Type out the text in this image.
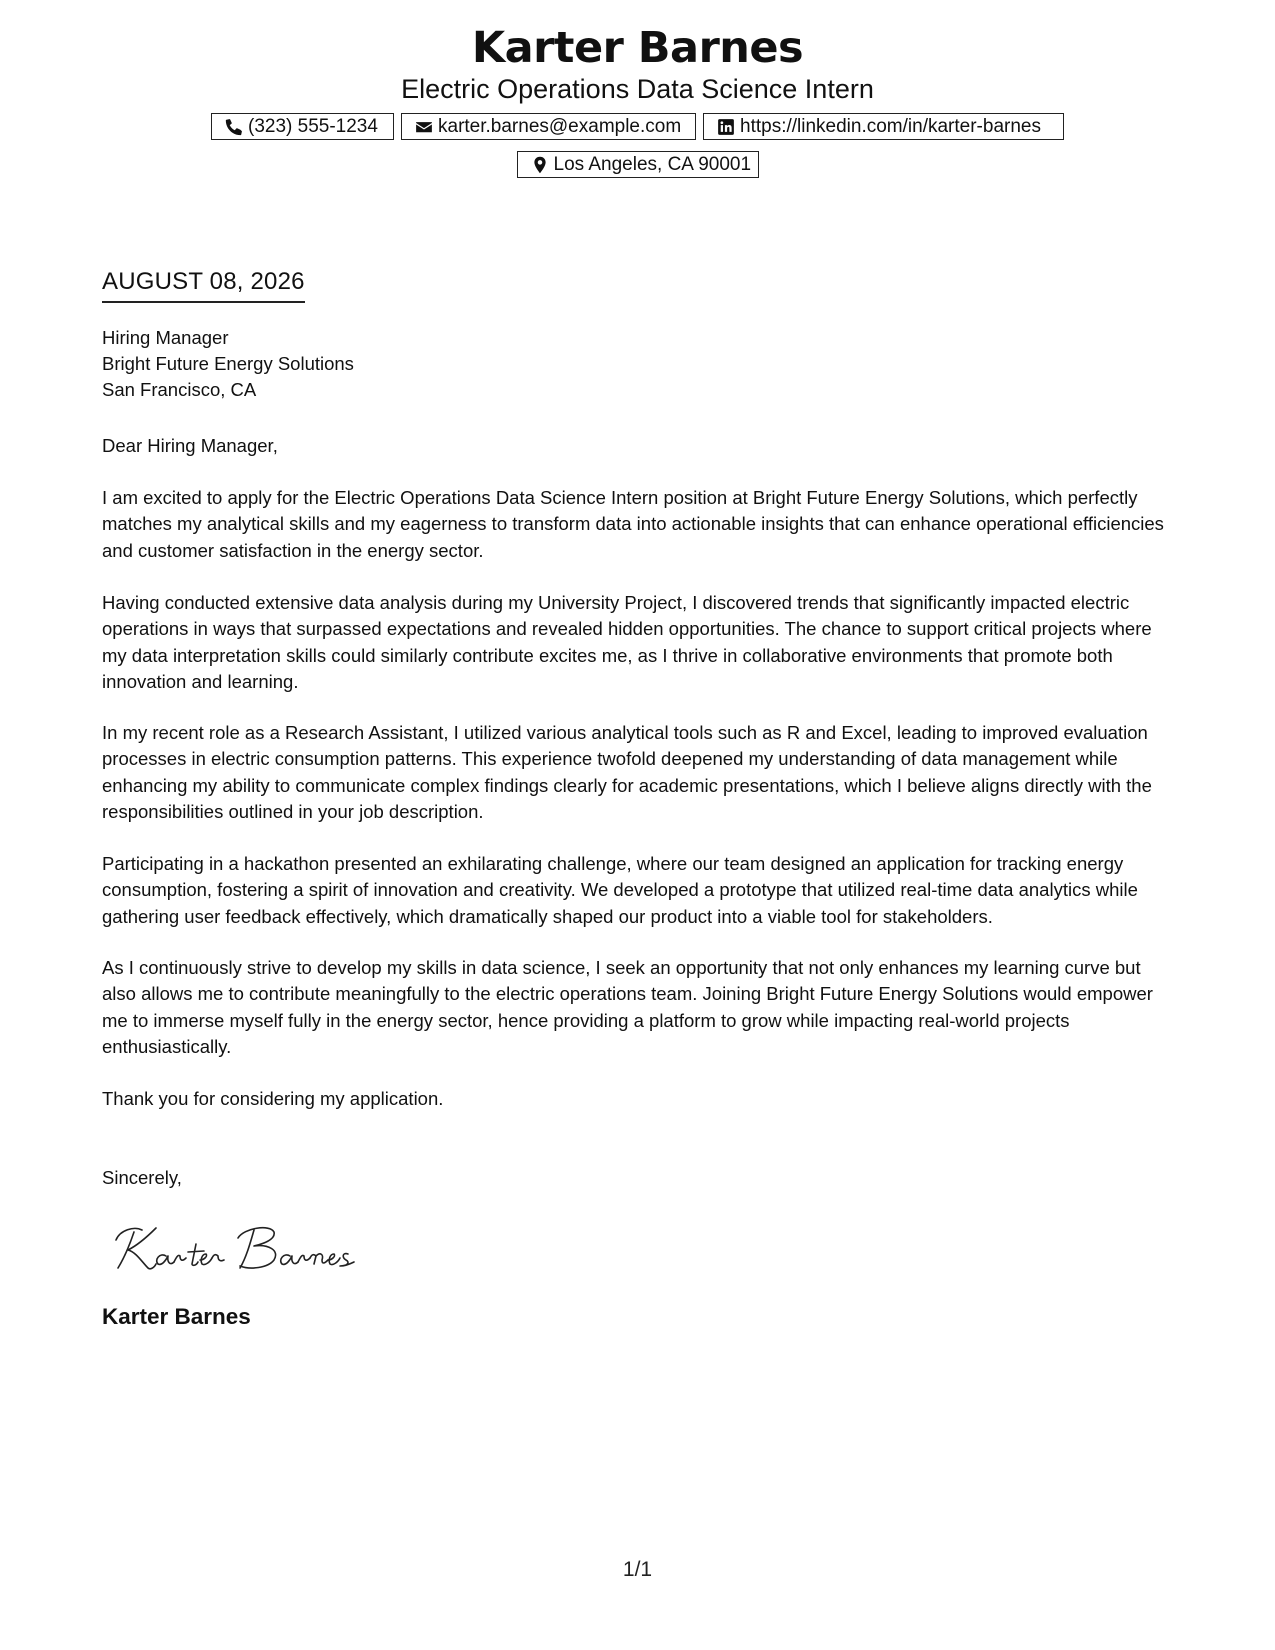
Karter Barnes
Electric Operations Data Science Intern
(323) 555-1234	karter.barnes@example.com	https://linkedin.com/in/karter-barnes
Los Angeles, CA 90001
AUGUST 08, 2026
Hiring Manager
Bright Future Energy Solutions
San Francisco, CA

Dear Hiring Manager,

I am excited to apply for the Electric Operations Data Science Intern position at Bright Future Energy Solutions, which perfectly matches my analytical skills and my eagerness to transform data into actionable insights that can enhance operational efficiencies and customer satisfaction in the energy sector.

Having conducted extensive data analysis during my University Project, I discovered trends that significantly impacted electric operations in ways that surpassed expectations and revealed hidden opportunities. The chance to support critical projects where my data interpretation skills could similarly contribute excites me, as I thrive in collaborative environments that promote both innovation and learning.

In my recent role as a Research Assistant, I utilized various analytical tools such as R and Excel, leading to improved evaluation processes in electric consumption patterns. This experience twofold deepened my understanding of data management while enhancing my ability to communicate complex findings clearly for academic presentations, which I believe aligns directly with the responsibilities outlined in your job description.

Participating in a hackathon presented an exhilarating challenge, where our team designed an application for tracking energy consumption, fostering a spirit of innovation and creativity. We developed a prototype that utilized real-time data analytics while gathering user feedback effectively, which dramatically shaped our product into a viable tool for stakeholders.

As I continuously strive to develop my skills in data science, I seek an opportunity that not only enhances my learning curve but also allows me to contribute meaningfully to the electric operations team. Joining Bright Future Energy Solutions would empower me to immerse myself fully in the energy sector, hence providing a platform to grow while impacting real-world projects enthusiastically.

Thank you for considering my application.

Sincerely,

Karter Barnes
1/1
